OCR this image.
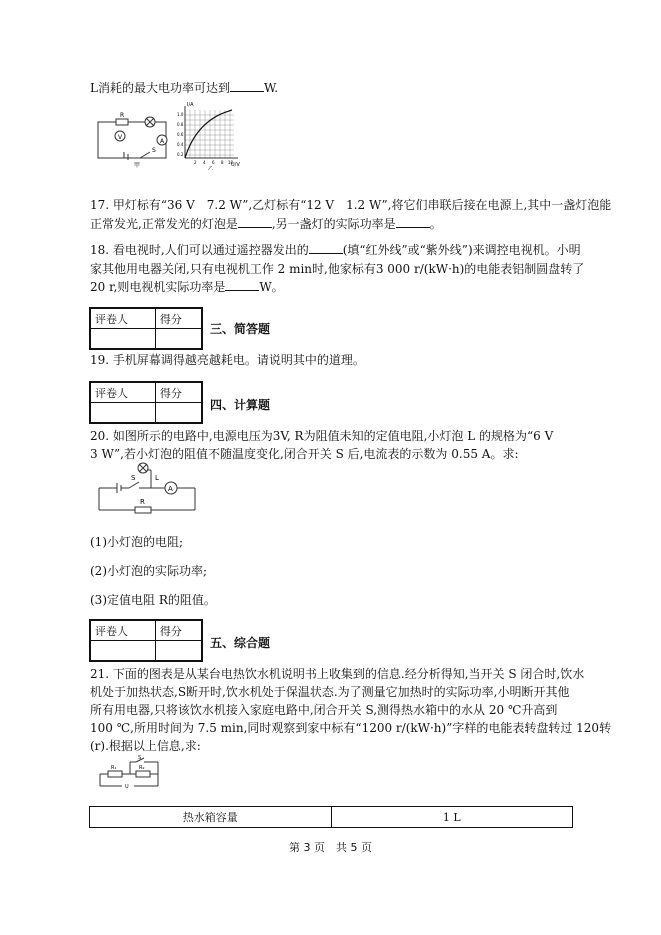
L消耗的最大电功率可达到	W.
R
V
A
S
甲
I/A
U/V
1.0
0.8
0.6
0.4
0.2
2 4 6 8 10
乙
17. 甲灯标有“36 V　7.2 W”,乙灯标有“12 V　1.2 W”,将它们串联后接在电源上,其中一盏灯泡能
正常发光,正常发光的灯泡是	,另一盏灯的实际功率是	。
18. 看电视时,人们可以通过遥控器发出的	(填“红外线”或“紫外线”)来调控电视机。小明
家其他用电器关闭,只有电视机工作 2 min时,他家标有3 000 r/(kW·h)的电能表铝制圆盘转了
20 r,则电视机实际功率是	W。
评卷人	得分

三、简答题
19. 手机屏幕调得越亮越耗电。请说明其中的道理。
评卷人	得分

四、计算题
20. 如图所示的电路中,电源电压为3V, R为阻值未知的定值电阻,小灯泡 L 的规格为“6 V
3 W”,若小灯泡的阻值不随温度变化,闭合开关 S 后,电流表的示数为 0.55 A。求:
S	L
A
R
(1)小灯泡的电阻;
(2)小灯泡的实际功率;
(3)定值电阻 R的阻值。
评卷人	得分

五、综合题
21. 下面的图表是从某台电热饮水机说明书上收集到的信息.经分析得知,当开关 S 闭合时,饮水
机处于加热状态,S断开时,饮水机处于保温状态.为了测量它加热时的实际功率,小明断开其他
所有用电器,只将该饮水机接入家庭电路中,闭合开关 S,测得热水箱中的水从 20 ℃升高到
100 ℃,所用时间为 7.5 min,同时观察到家中标有“1200 r/(kW·h)”字样的电能表转盘转过 120转
(r).根据以上信息,求:
S
R₁	R₂
U
热水箱容量	1 L
第 3 页　共 5 页
